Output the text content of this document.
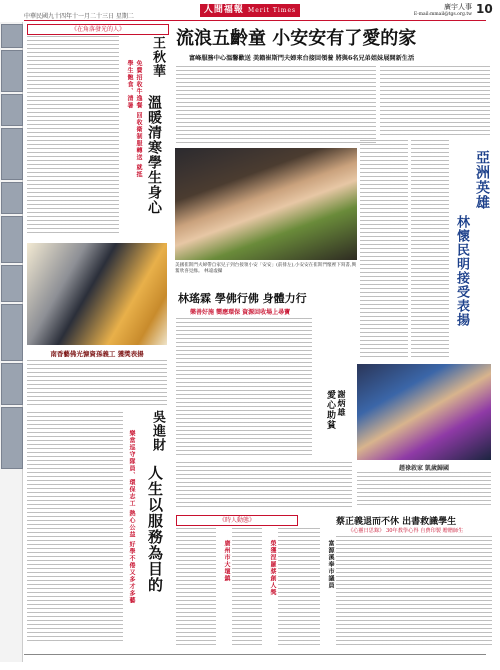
中華民國九十四年十一月二十三日 星期二
人間福報 Merit Times	廣宇人事
E-mail:mmail@tgs.org.tw 10
《在角落發光的人》
王秋華
溫暖清寒學生身心
免費招收牛逸餐 回收衛制服轉送 就抵學生飽食、清暑
南香藝佛光慷資孫義工 獲獎表揚
吳進財
人生以服務為目的
樂當巡守隊員、環保志工 熱心公益 好學不倦又多才多藝
流浪五齡童 小安安有了愛的家
富峰服務中心溫馨歡送 美籍崔斯門夫婦來台接回領養 將與6名兄弟姐妹展開新生活
美國崔斯門夫婦帶自家兒子到台接領小安「安安」(前排左),小安安在崔斯門懷裡下寫書,興奮欣喜見綠。 林遠虛攝
亞洲英雄
林懷民明接受表揚
林瑤霖 學佛行佛 身體力行
樂善好施 嚮應環保 資源回收場上尋寶
謝炳雄
愛心助貧
趙祿敘家 凱歲歸國
《時人動態》	蔡正義退而不休 出書救識學生
《心靈日思錄》 30年教學心得 自費印製 贈贈師生
廣州市大壇鎮	榮獲涅羅蔡創人獎	富源溪奉市議員
